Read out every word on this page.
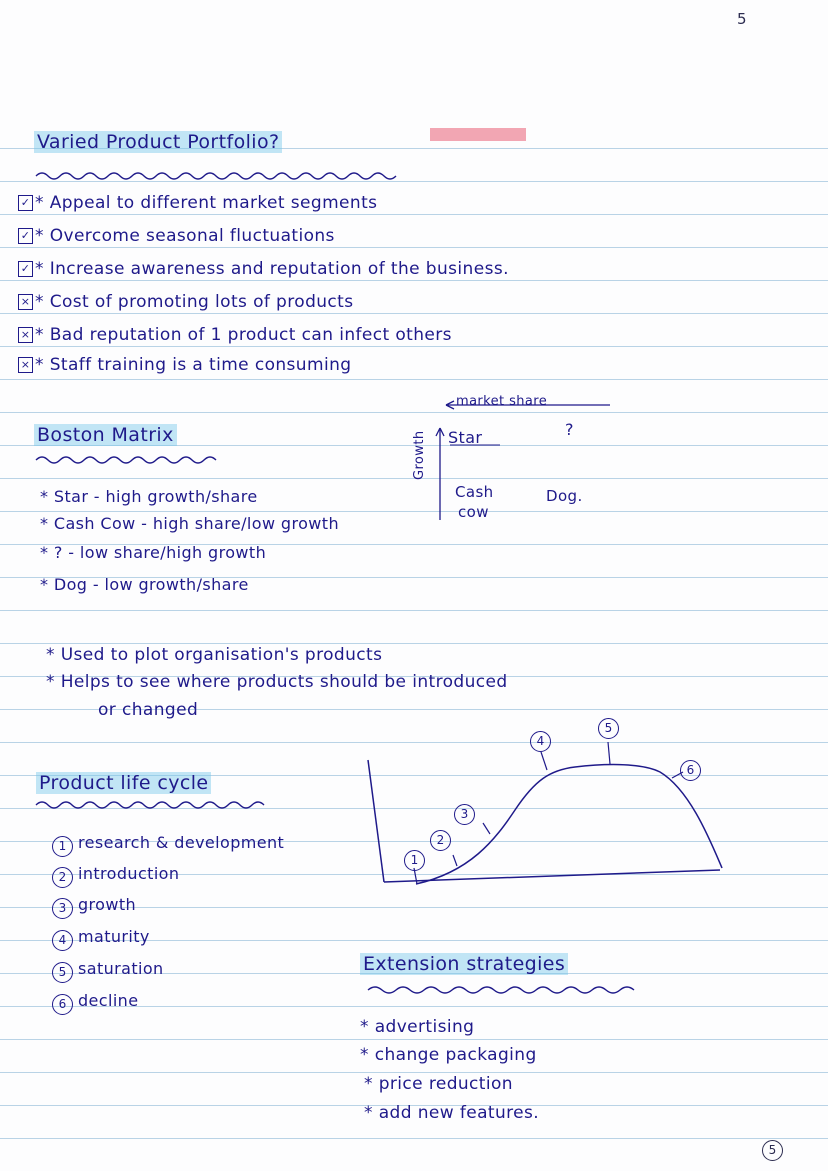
5
Varied Product Portfolio?
✓ * Appeal to different market segments
✓ * Overcome seasonal fluctuations
✓ * Increase awareness and reputation of the business.
× * Cost of promoting lots of products
× * Bad reputation of 1 product can infect others
× * Staff training is a time consuming
Boston Matrix
* Star - high growth/share
* Cash Cow - high share/low growth
* ? - low share/high growth
* Dog - low growth/share
market share
Growth Star	?
Cash
cow
Dog.
* Used to plot organisation's products
* Helps to see where products should be introduced
or changed
Product life cycle
1 research & development
2 introduction
3 growth
4 maturity
5 saturation
6 decline
1
2
3
4
5
6
Extension strategies
* advertising
* change packaging
* price reduction
* add new features.
5
